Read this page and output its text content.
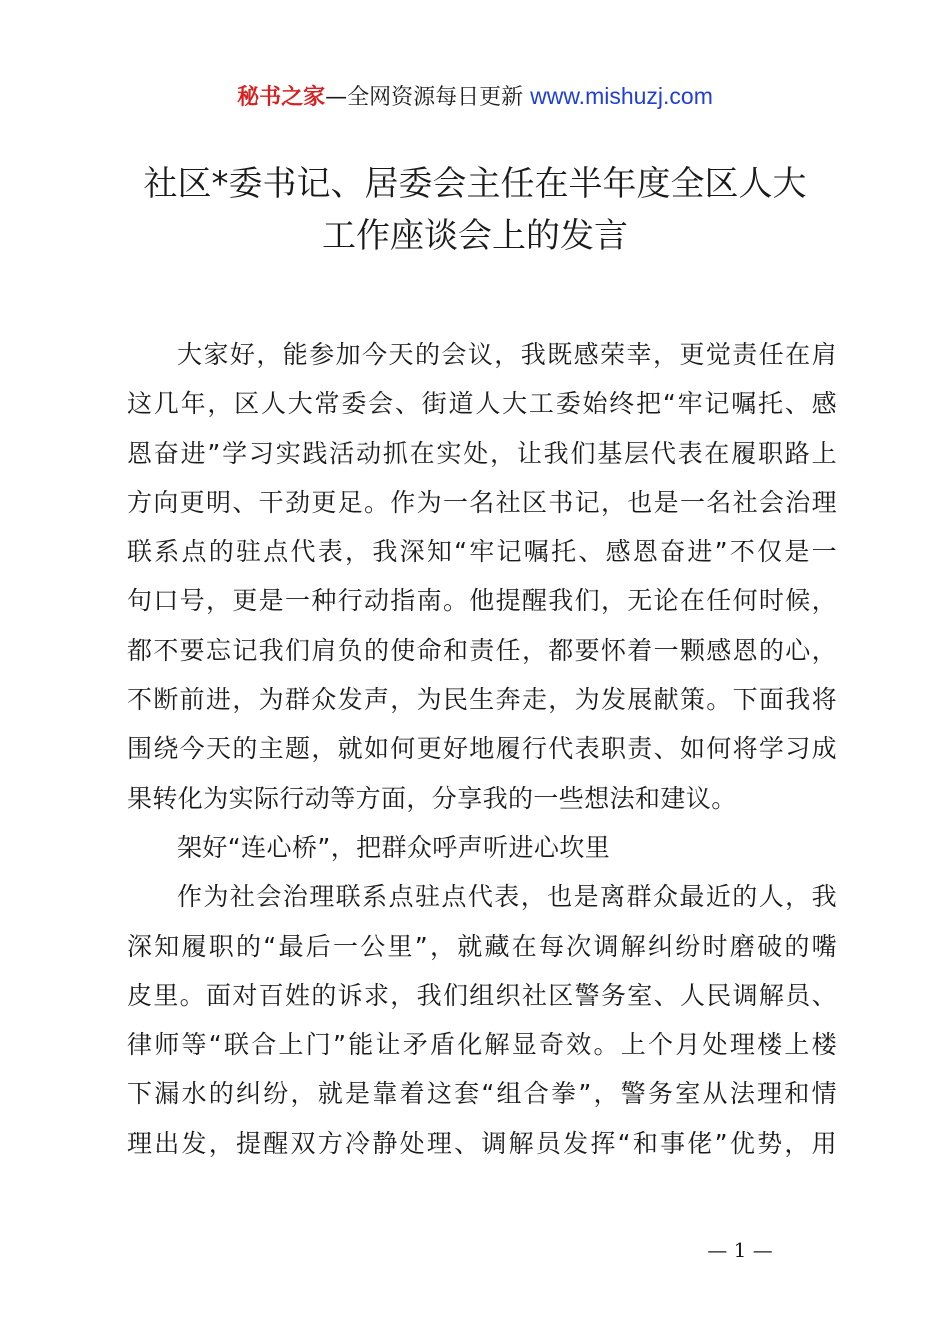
秘书之家—全网资源每日更新 www.mishuzj.com
社区*委书记、居委会主任在半年度全区人大
工作座谈会上的发言
大家好，能参加今天的会议，我既感荣幸，更觉责任在肩
这几年，区人大常委会、街道人大工委始终把“牢记嘱托、感
恩奋进”学习实践活动抓在实处，让我们基层代表在履职路上
方向更明、干劲更足。作为一名社区书记，也是一名社会治理
联系点的驻点代表，我深知“牢记嘱托、感恩奋进”不仅是一
句口号，更是一种行动指南。他提醒我们，无论在任何时候，
都不要忘记我们肩负的使命和责任，都要怀着一颗感恩的心，
不断前进，为群众发声，为民生奔走，为发展献策。下面我将
围绕今天的主题，就如何更好地履行代表职责、如何将学习成
果转化为实际行动等方面，分享我的一些想法和建议。
架好“连心桥”，把群众呼声听进心坎里
作为社会治理联系点驻点代表，也是离群众最近的人，我
深知履职的“最后一公里”，就藏在每次调解纠纷时磨破的嘴
皮里。面对百姓的诉求，我们组织社区警务室、人民调解员、
律师等“联合上门”能让矛盾化解显奇效。上个月处理楼上楼
下漏水的纠纷，就是靠着这套“组合拳”，警务室从法理和情
理出发，提醒双方冷静处理、调解员发挥“和事佬”优势，用
— 1 —
